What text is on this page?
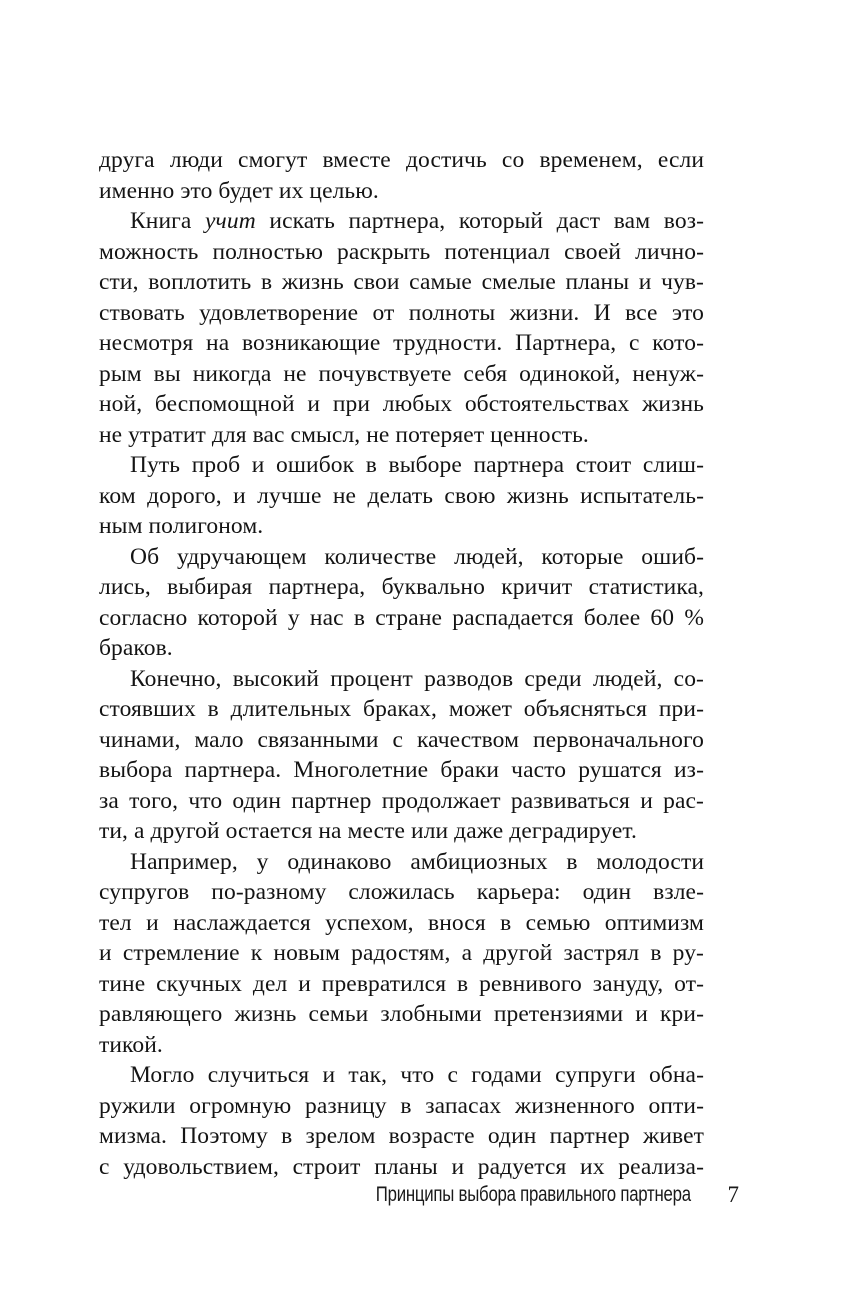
друга люди смогут вместе достичь со временем, если
именно это будет их целью.

Книга учит искать партнера, который даст вам воз-
можность полностью раскрыть потенциал своей лично-
сти, воплотить в жизнь свои самые смелые планы и чув-
ствовать удовлетворение от полноты жизни. И все это
несмотря на возникающие трудности. Партнера, с кото-
рым вы никогда не почувствуете себя одинокой, ненуж-
ной, беспомощной и при любых обстоятельствах жизнь
не утратит для вас смысл, не потеряет ценность.

Путь проб и ошибок в выборе партнера стоит слиш-
ком дорого, и лучше не делать свою жизнь испытатель-
ным полигоном.

Об удручающем количестве людей, которые ошиб-
лись, выбирая партнера, буквально кричит статистика,
согласно которой у нас в стране распадается более 60 %
браков.

Конечно, высокий процент разводов среди людей, со-
стоявших в длительных браках, может объясняться при-
чинами, мало связанными с качеством первоначального
выбора партнера. Многолетние браки часто рушатся из-
за того, что один партнер продолжает развиваться и рас-
ти, а другой остается на месте или даже деградирует.

Например, у одинаково амбициозных в молодости
супругов по-разному сложилась карьера: один взле-
тел и наслаждается успехом, внося в семью оптимизм
и стремление к новым радостям, а другой застрял в ру-
тине скучных дел и превратился в ревнивого зануду, от-
равляющего жизнь семьи злобными претензиями и кри-
тикой.

Могло случиться и так, что с годами супруги обна-
ружили огромную разницу в запасах жизненного опти-
мизма. Поэтому в зрелом возрасте один партнер живет
с удовольствием, строит планы и радуется их реализа-

Принципы выбора правильного партнера 7
